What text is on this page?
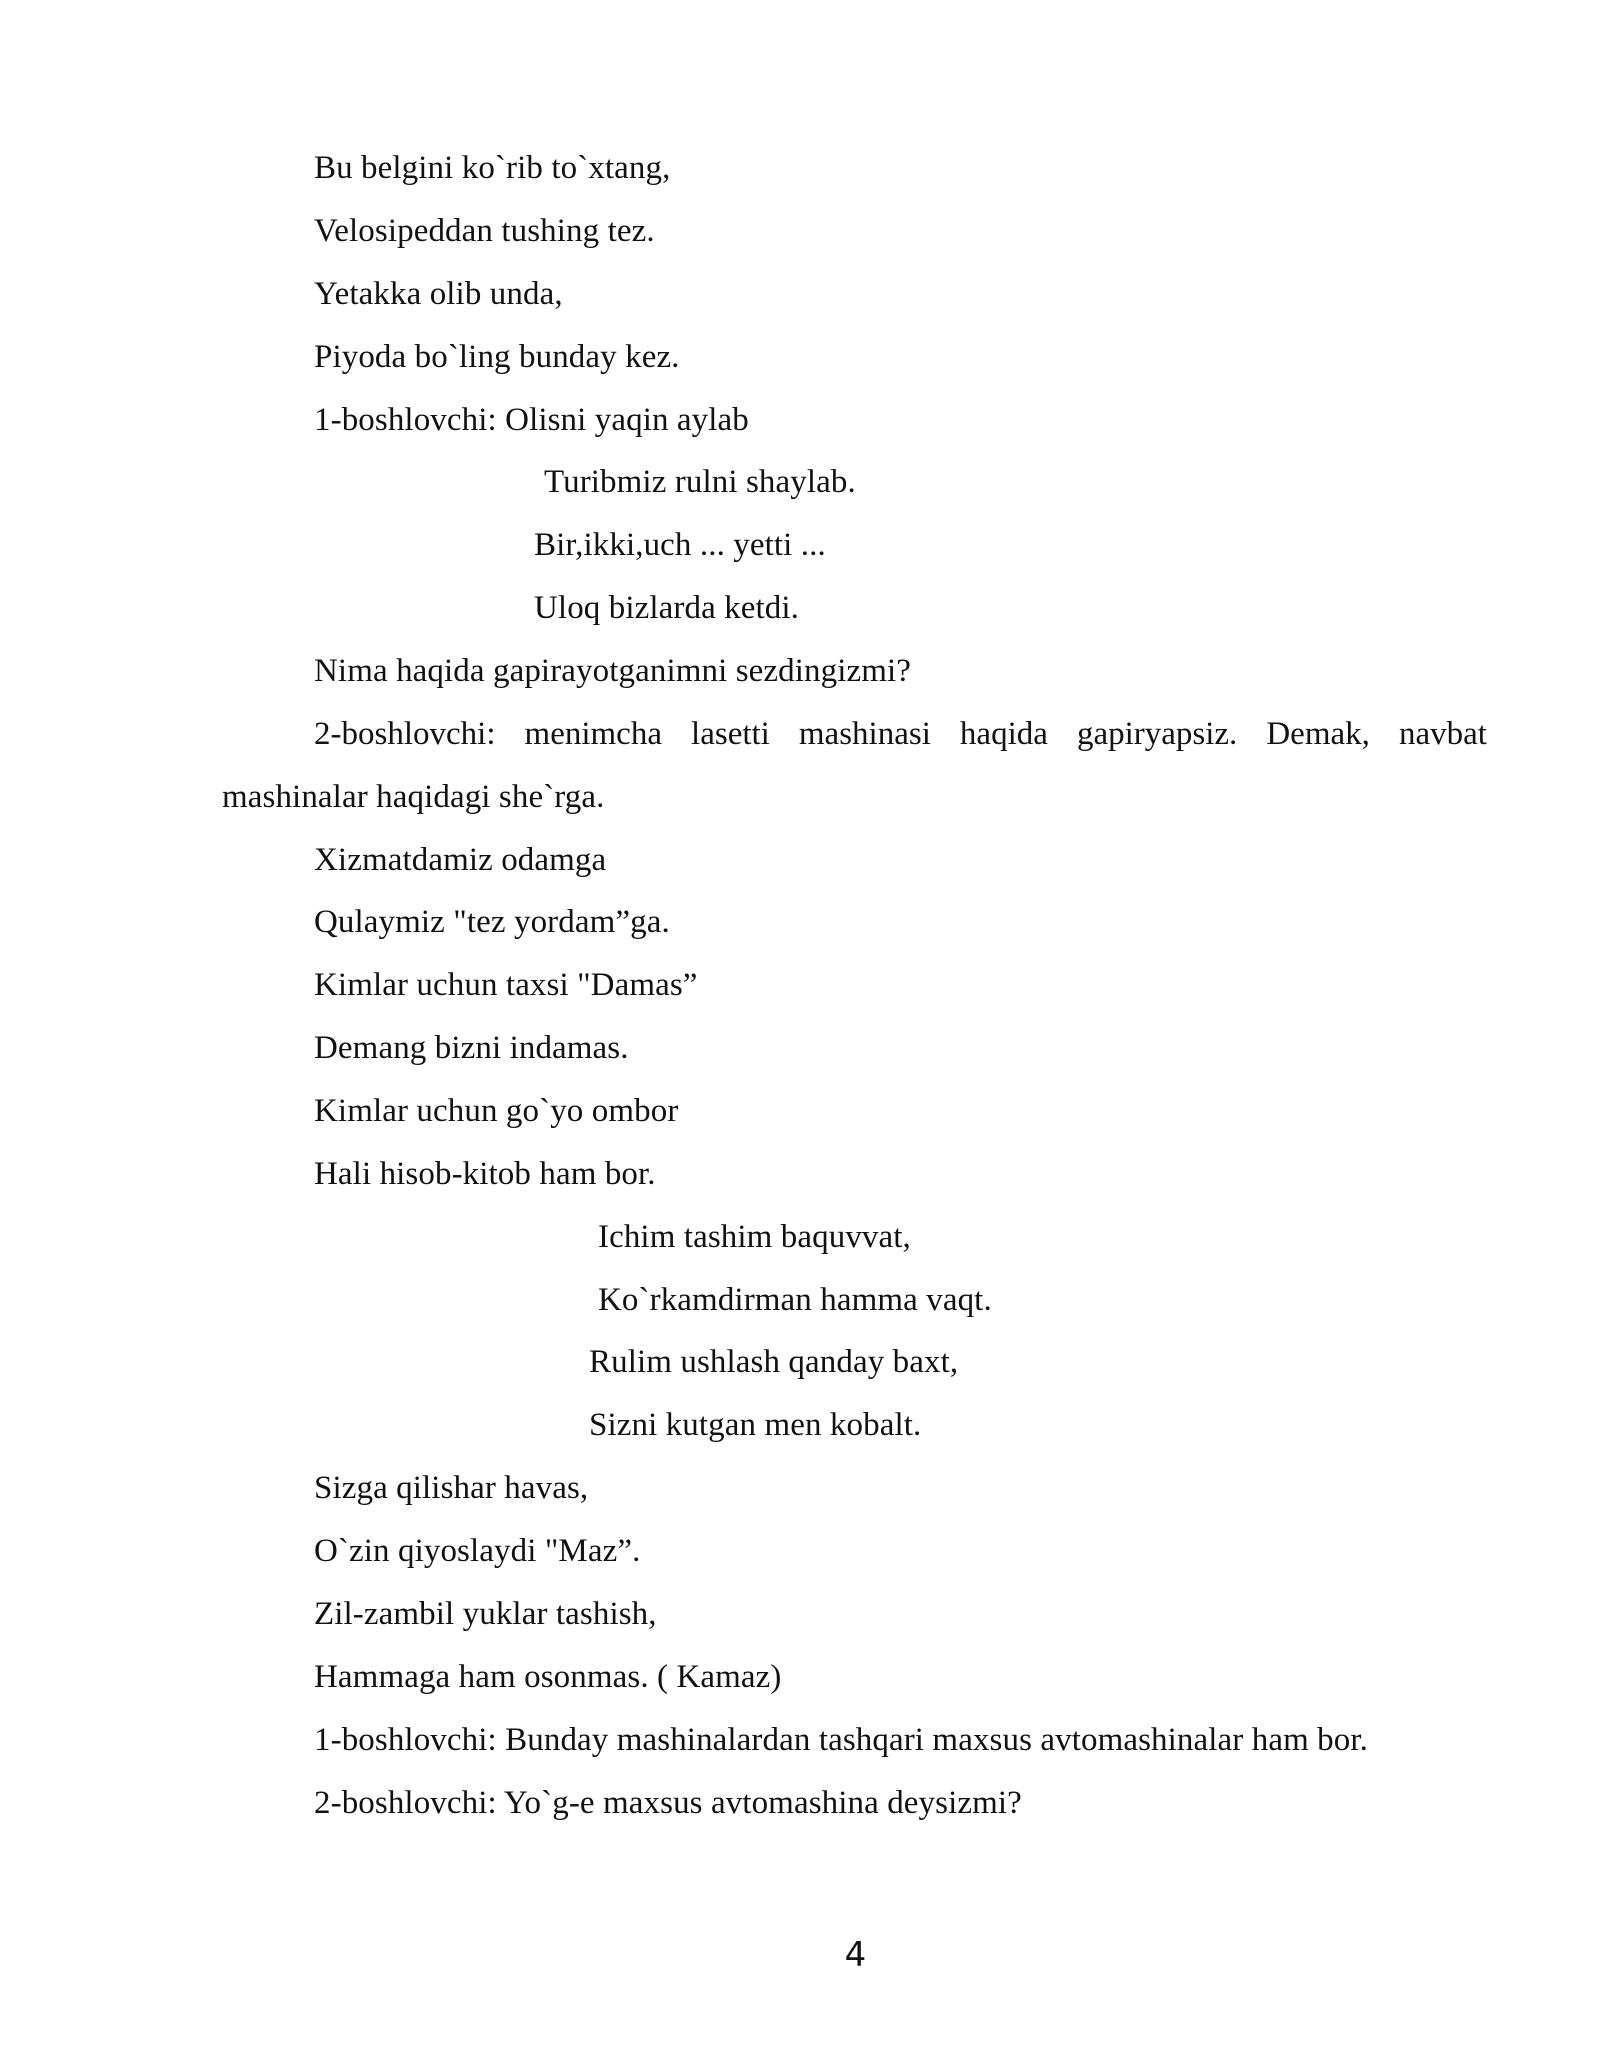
Bu belgini ko`rib to`xtang,
Velosipeddan tushing tez.
Yetakka olib unda,
Piyoda bo`ling bunday kez.
1-boshlovchi: Olisni yaqin aylab
Turibmiz rulni shaylab.
Bir,ikki,uch ... yetti ...
Uloq bizlarda ketdi.
Nima haqida gapirayotganimni sezdingizmi?
2-boshlovchi: menimcha lasetti mashinasi haqida gapiryapsiz. Demak, navbat
mashinalar haqidagi she`rga.
Xizmatdamiz odamga
Qulaymiz "tez yordam”ga.
Kimlar uchun taxsi "Damas”
Demang bizni indamas.
Kimlar uchun go`yo ombor
Hali hisob-kitob ham bor.
Ichim tashim baquvvat,
Ko`rkamdirman hamma vaqt.
Rulim ushlash qanday baxt,
Sizni kutgan men kobalt.
Sizga qilishar havas,
O`zin qiyoslaydi "Maz”.
Zil-zambil yuklar tashish,
Hammaga ham osonmas. ( Kamaz)
1-boshlovchi: Bunday mashinalardan tashqari maxsus avtomashinalar ham bor.
2-boshlovchi: Yo`g-e maxsus avtomashina deysizmi?
4
